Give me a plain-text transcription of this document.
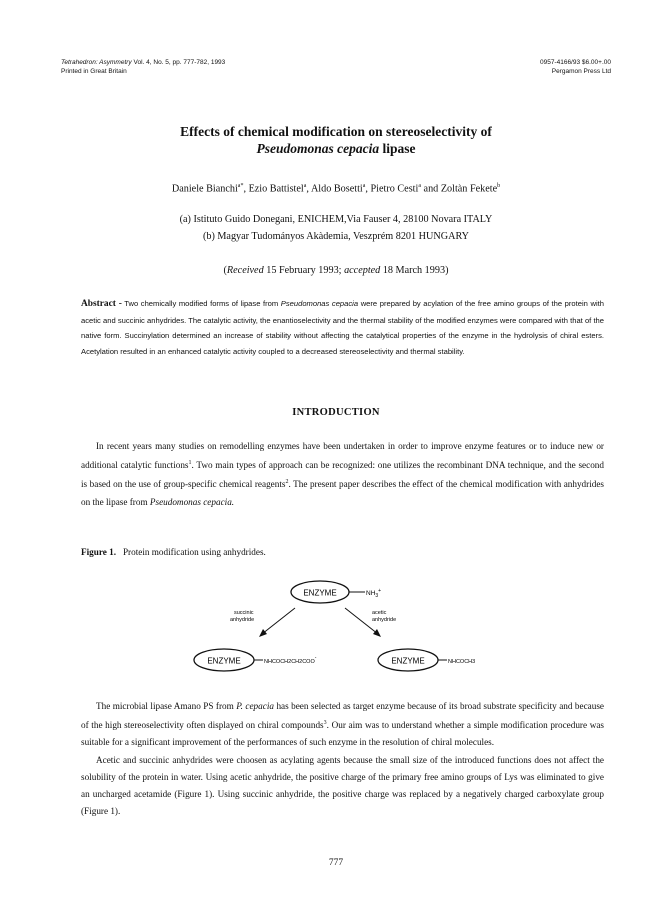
Tetrahedron: Asymmetry Vol. 4, No. 5, pp. 777-782, 1993
Printed in Great Britain
0957-4166/93 $6.00+.00
Pergamon Press Ltd
Effects of chemical modification on stereoselectivity of
Pseudomonas cepacia lipase
Daniele Bianchi$^{a*}$, Ezio Battistel$^a$, Aldo Bosetti$^a$, Pietro Cesti$^a$ and Zoltàn Fekete$^b$
(a) Istituto Guido Donegani, ENICHEM,Via Fauser 4, 28100 Novara ITALY
(b) Magyar Tudományos Akàdemia, Veszprém 8201 HUNGARY
(Received 15 February 1993; accepted 18 March 1993)
Abstract - Two chemically modified forms of lipase from Pseudomonas cepacia were prepared by acylation of the free amino groups of the protein with acetic and succinic anhydrides. The catalytic activity, the enantioselectivity and the thermal stability of the modified enzymes were compared with that of the native form. Succinylation determined an increase of stability without affecting the catalytical properties of the enzyme in the hydrolysis of chiral esters. Acetylation resulted in an enhanced catalytic activity coupled to a decreased stereoselectivity and thermal stability.
INTRODUCTION

In recent years many studies on remodelling enzymes have been undertaken in order to improve enzyme features or to induce new or additional catalytic functions$^1$. Two main types of approach can be recognized: one utilizes the recombinant DNA technique, and the second is based on the use of group-specific chemical reagents$^2$. The present paper describes the effect of the chemical modification with anhydrides on the lipase from Pseudomonas cepacia.

Figure 1. Protein modification using anhydrides.
ENZYME	$NH_3^+$
succinic
anhydride
acetic
anhydride
ENZYME	NHCOCH2CH2COO-	ENZYME	NHCOCH3

The microbial lipase Amano PS from P. cepacia has been selected as target enzyme because of its broad substrate specificity and because of the high stereoselectivity often displayed on chiral compounds$^3$. Our aim was to understand whether a simple modification procedure was suitable for a significant improvement of the performances of such enzyme in the resolution of chiral molecules.

Acetic and succinic anhydrides were choosen as acylating agents because the small size of the introduced functions does not affect the solubility of the protein in water. Using acetic anhydride, the positive charge of the primary free amino groups of Lys was eliminated to give an uncharged acetamide (Figure 1). Using succinic anhydride, the positive charge was replaced by a negatively charged carboxylate group (Figure 1).

777
